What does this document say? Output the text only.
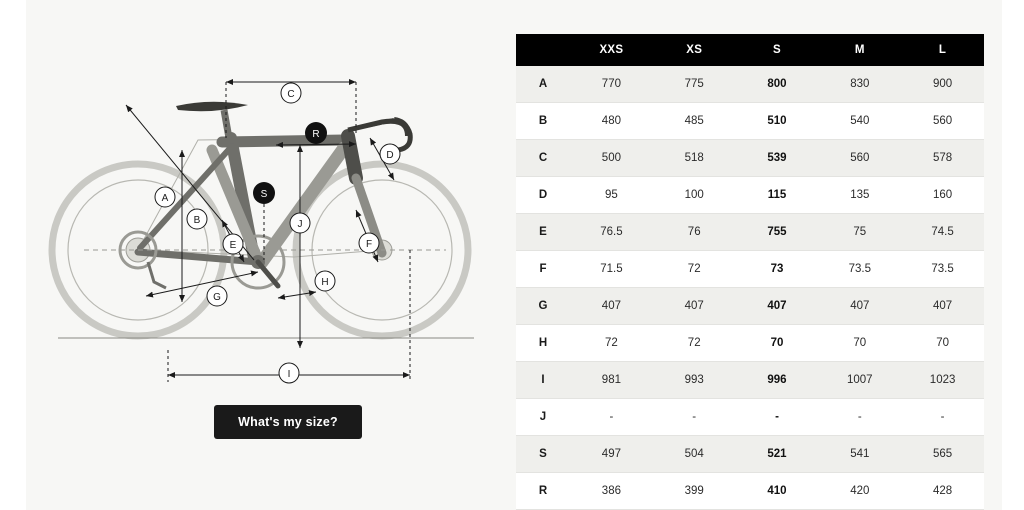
C
A
B
E	F
G
H
I
J
D
R
S
What's my size?
	XXS	XS	S	M	L
A	770	775	800	830	900
B	480	485	510	540	560
C	500	518	539	560	578
D	95	100	115	135	160
E	76.5	76	755	75	74.5
F	71.5	72	73	73.5	73.5
G	407	407	407	407	407
H	72	72	70	70	70
I	981	993	996	1007	1023
J	-	-	-	-	-
S	497	504	521	541	565
R	386	399	410	420	428
